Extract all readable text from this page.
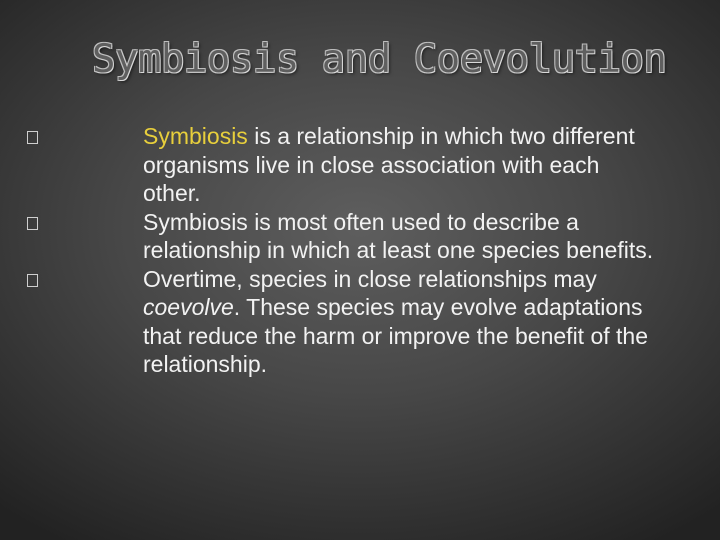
Symbiosis and Coevolution
Symbiosis is a relationship in which two different organisms live in close association with each other.
Symbiosis is most often used to describe a relationship in which at least one species benefits.
Overtime, species in close relationships may coevolve. These species may evolve adaptations that reduce the harm or improve the benefit of the relationship.
